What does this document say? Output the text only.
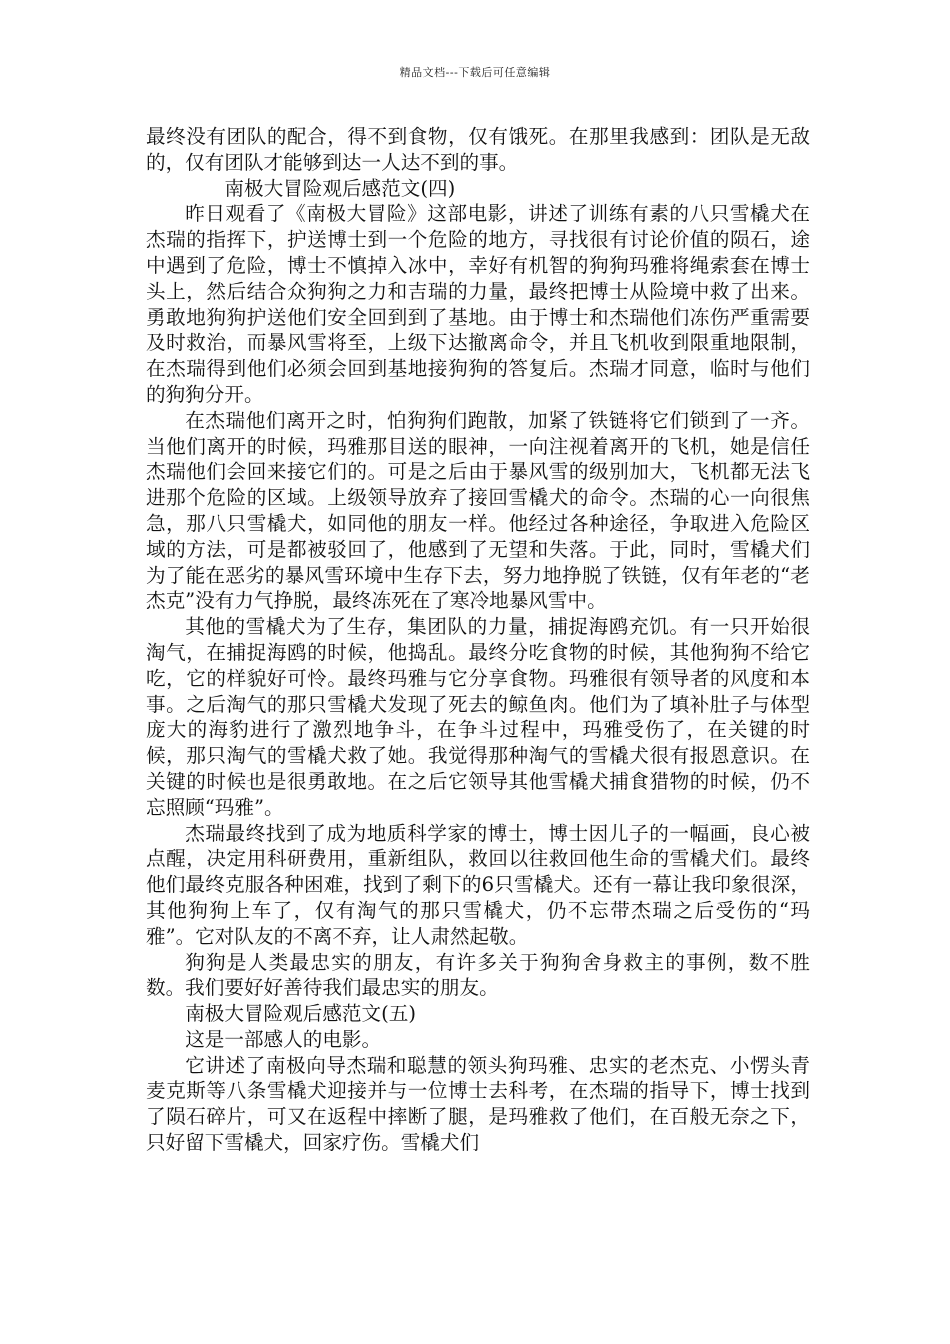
精品文档---下载后可任意编辑

最终没有团队的配合，得不到食物，仅有饿死。在那里我感到：团队是无敌的，仅有团队才能够到达一人达不到的事。

南极大冒险观后感范文(四)

昨日观看了《南极大冒险》这部电影，讲述了训练有素的八只雪橇犬在杰瑞的指挥下，护送博士到一个危险的地方，寻找很有讨论价值的陨石，途中遇到了危险，博士不慎掉入冰中，幸好有机智的狗狗玛雅将绳索套在博士头上，然后结合众狗狗之力和吉瑞的力量，最终把博士从险境中救了出来。勇敢地狗狗护送他们安全回到到了基地。由于博士和杰瑞他们冻伤严重需要及时救治，而暴风雪将至，上级下达撤离命令，并且飞机收到限重地限制，在杰瑞得到他们必须会回到基地接狗狗的答复后。杰瑞才同意，临时与他们的狗狗分开。

在杰瑞他们离开之时，怕狗狗们跑散，加紧了铁链将它们锁到了一齐。当他们离开的时候，玛雅那目送的眼神，一向注视着离开的飞机，她是信任杰瑞他们会回来接它们的。可是之后由于暴风雪的级别加大，飞机都无法飞进那个危险的区域。上级领导放弃了接回雪橇犬的命令。杰瑞的心一向很焦急，那八只雪橇犬，如同他的朋友一样。他经过各种途径，争取进入危险区域的方法，可是都被驳回了，他感到了无望和失落。于此，同时，雪橇犬们为了能在恶劣的暴风雪环境中生存下去，努力地挣脱了铁链，仅有年老的“老杰克”没有力气挣脱，最终冻死在了寒冷地暴风雪中。

其他的雪橇犬为了生存，集团队的力量，捕捉海鸥充饥。有一只开始很淘气，在捕捉海鸥的时候，他捣乱。最终分吃食物的时候，其他狗狗不给它吃，它的样貌好可怜。最终玛雅与它分享食物。玛雅很有领导者的风度和本事。之后淘气的那只雪橇犬发现了死去的鲸鱼肉。他们为了填补肚子与体型庞大的海豹进行了激烈地争斗，在争斗过程中，玛雅受伤了，在关键的时候，那只淘气的雪橇犬救了她。我觉得那种淘气的雪橇犬很有报恩意识。在关键的时候也是很勇敢地。在之后它领导其他雪橇犬捕食猎物的时候，仍不忘照顾“玛雅”。

杰瑞最终找到了成为地质科学家的博士，博士因儿子的一幅画，良心被点醒，决定用科研费用，重新组队，救回以往救回他生命的雪橇犬们。最终他们最终克服各种困难，找到了剩下的6只雪橇犬。还有一幕让我印象很深，其他狗狗上车了，仅有淘气的那只雪橇犬，仍不忘带杰瑞之后受伤的“玛雅”。它对队友的不离不弃，让人肃然起敬。

狗狗是人类最忠实的朋友，有许多关于狗狗舍身救主的事例，数不胜数。我们要好好善待我们最忠实的朋友。

南极大冒险观后感范文(五)

这是一部感人的电影。

它讲述了南极向导杰瑞和聪慧的领头狗玛雅、忠实的老杰克、小愣头青麦克斯等八条雪橇犬迎接并与一位博士去科考，在杰瑞的指导下，博士找到了陨石碎片，可又在返程中摔断了腿，是玛雅救了他们，在百般无奈之下，只好留下雪橇犬，回家疗伤。雪橇犬们
